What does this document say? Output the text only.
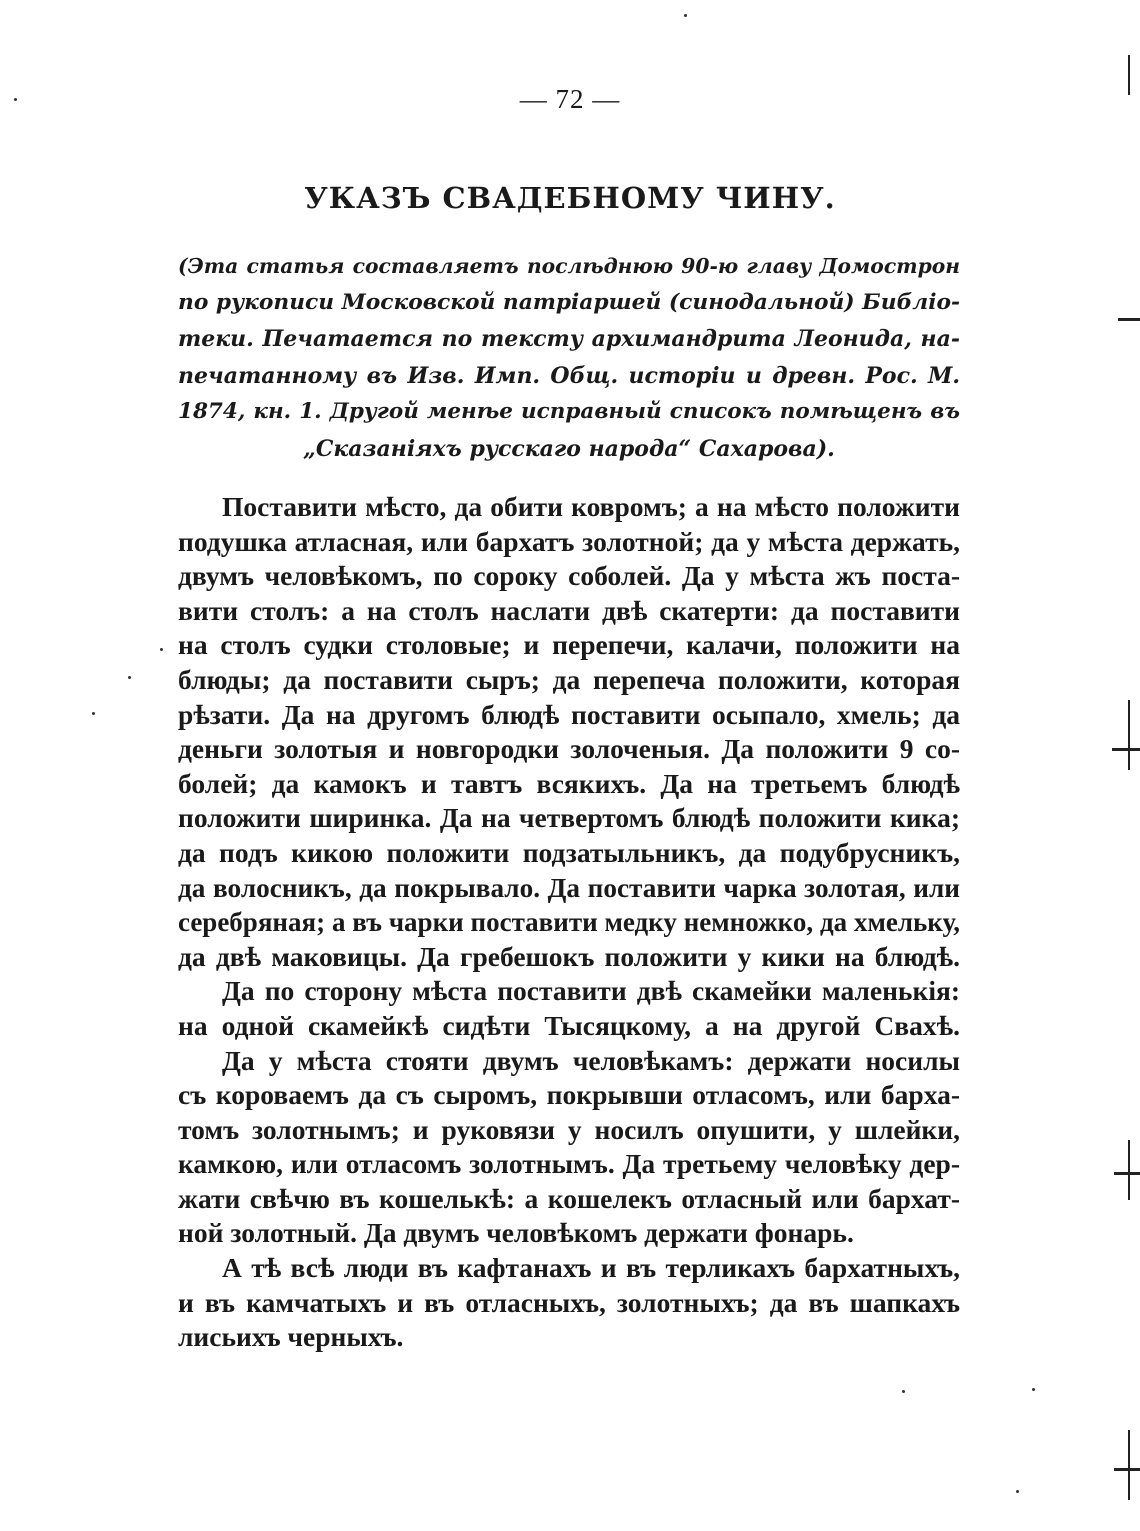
— 72 —
УКАЗЪ СВАДЕБНОМУ ЧИНУ.
(Эта статья составляетъ послѣднюю 90-ю главу Домострон
по рукописи Московской патріаршей (синодальной) Библіо-
теки. Печатается по тексту архимандрита Леонида, на-
печатанному въ Изв. Имп. Общ. исторіи и древн. Рос. М.
1874, кн. 1. Другой менѣе исправный списокъ помѣщенъ въ
„Сказаніяхъ русскаго народа“ Сахарова).
Поставити мѣсто, да обити ковромъ; а на мѣсто положити
подушка атласная, или бархатъ золотной; да у мѣста держать,
двумъ человѣкомъ, по сороку соболей. Да у мѣста жъ поста-
вити столъ: а на столъ наслати двѣ скатерти: да поставити
на столъ судки столовые; и перепечи, калачи, положити на
блюды; да поставити сыръ; да перепеча положити, которая
рѣзати. Да на другомъ блюдѣ поставити осыпало, хмель; да
деньги золотыя и новгородки золоченыя. Да положити 9 со-
болей; да камокъ и тавтъ всякихъ. Да на третьемъ блюдѣ
положити ширинка. Да на четвертомъ блюдѣ положити кика;
да подъ кикою положити подзатыльникъ, да подубрусникъ,
да волосникъ, да покрывало. Да поставити чарка золотая, или
серебряная; а въ чарки поставити медку немножко, да хмельку,
да двѣ маковицы. Да гребешокъ положити у кики на блюдѣ.
Да по сторону мѣста поставити двѣ скамейки маленькія:
на одной скамейкѣ сидѣти Тысяцкому, а на другой Свахѣ.
Да у мѣста стояти двумъ человѣкамъ: держати носилы
съ короваемъ да съ сыромъ, покрывши отласомъ, или барха-
томъ золотнымъ; и руковязи у носилъ опушити, у шлейки,
камкою, или отласомъ золотнымъ. Да третьему человѣку дер-
жати свѣчю въ кошелькѣ: а кошелекъ отласный или бархат-
ной золотный. Да двумъ человѣкомъ держати фонарь.
А тѣ всѣ люди въ кафтанахъ и въ терликахъ бархатныхъ,
и въ камчатыхъ и въ отласныхъ, золотныхъ; да въ шапкахъ
лисьихъ черныхъ.
